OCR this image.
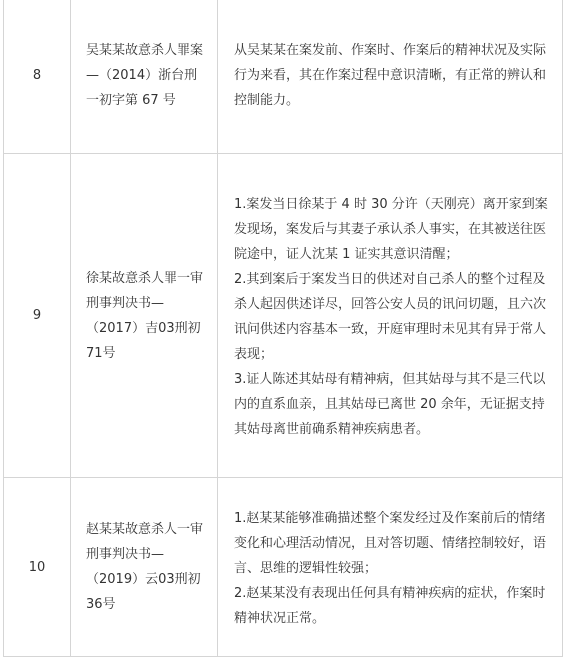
8	吴某某故意杀人罪案—（2014）浙台刑一初字第 67 号	从吴某某在案发前、作案时、作案后的精神状况及实际行为来看，其在作案过程中意识清晰，有正常的辨认和控制能力。

9	徐某故意杀人罪一审刑事判决书—（2017）吉03刑初71号	1.案发当日徐某于 4 时 30 分许（天刚亮）离开家到案发现场，案发后与其妻子承认杀人事实，在其被送往医院途中，证人沈某 1 证实其意识清醒；
2.其到案后于案发当日的供述对自己杀人的整个过程及杀人起因供述详尽，回答公安人员的讯问切题，且六次讯问供述内容基本一致，开庭审理时未见其有异于常人表现；
3.证人陈述其姑母有精神病，但其姑母与其不是三代以内的直系血亲，且其姑母已离世 20 余年，无证据支持其姑母离世前确系精神疾病患者。

10	赵某某故意杀人一审刑事判决书—（2019）云03刑初36号	1.赵某某能够准确描述整个案发经过及作案前后的情绪变化和心理活动情况，且对答切题、情绪控制较好，语言、思维的逻辑性较强；
2.赵某某没有表现出任何具有精神疾病的症状，作案时精神状况正常。
